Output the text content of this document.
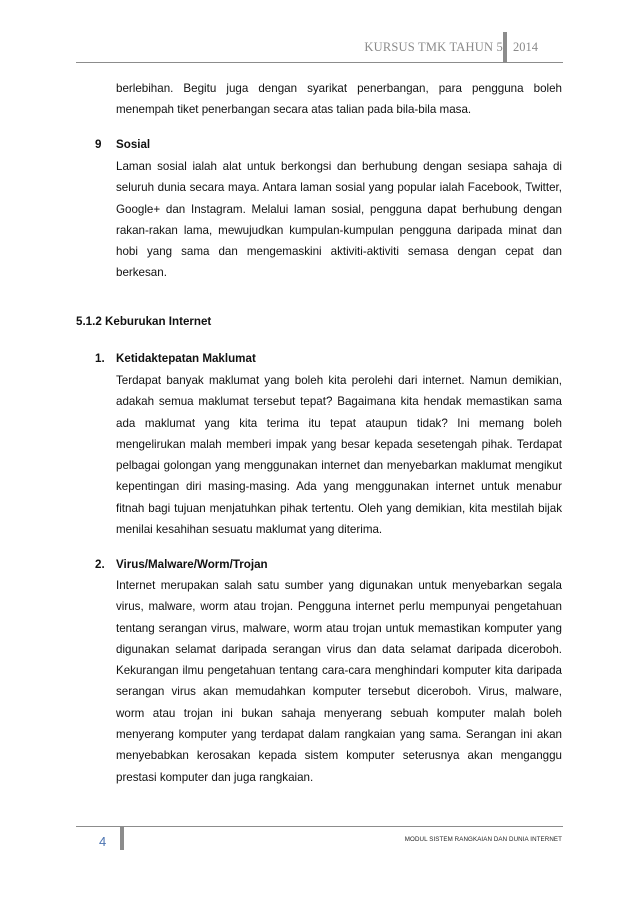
KURSUS TMK TAHUN 5 2014

berlebihan. Begitu juga dengan syarikat penerbangan, para pengguna boleh menempah tiket penerbangan secara atas talian pada bila-bila masa.

9 Sosial

Laman sosial ialah alat untuk berkongsi dan berhubung dengan sesiapa sahaja di seluruh dunia secara maya. Antara laman sosial yang popular ialah Facebook, Twitter, Google+ dan Instagram. Melalui laman sosial, pengguna dapat berhubung dengan rakan-rakan lama, mewujudkan kumpulan-kumpulan pengguna daripada minat dan hobi yang sama dan mengemaskini aktiviti-aktiviti semasa dengan cepat dan berkesan.

5.1.2 Keburukan Internet
1. Ketidaktepatan Maklumat

Terdapat banyak maklumat yang boleh kita perolehi dari internet. Namun demikian, adakah semua maklumat tersebut tepat? Bagaimana kita hendak memastikan sama ada maklumat yang kita terima itu tepat ataupun tidak? Ini memang boleh mengelirukan malah memberi impak yang besar kepada sesetengah pihak. Terdapat pelbagai golongan yang menggunakan internet dan menyebarkan maklumat mengikut kepentingan diri masing-masing. Ada yang menggunakan internet untuk menabur fitnah bagi tujuan menjatuhkan pihak tertentu. Oleh yang demikian, kita mestilah bijak menilai kesahihan sesuatu maklumat yang diterima.

2. Virus/Malware/Worm/Trojan

Internet merupakan salah satu sumber yang digunakan untuk menyebarkan segala virus, malware, worm atau trojan. Pengguna internet perlu mempunyai pengetahuan tentang serangan virus, malware, worm atau trojan untuk memastikan komputer yang digunakan selamat daripada serangan virus dan data selamat daripada diceroboh. Kekurangan ilmu pengetahuan tentang cara-cara menghindari komputer kita daripada serangan virus akan memudahkan komputer tersebut diceroboh. Virus, malware, worm atau trojan ini bukan sahaja menyerang sebuah komputer malah boleh menyerang komputer yang terdapat dalam rangkaian yang sama. Serangan ini akan menyebabkan kerosakan kepada sistem komputer seterusnya akan menganggu prestasi komputer dan juga rangkaian.

4	MODUL SISTEM RANGKAIAN DAN DUNIA INTERNET
